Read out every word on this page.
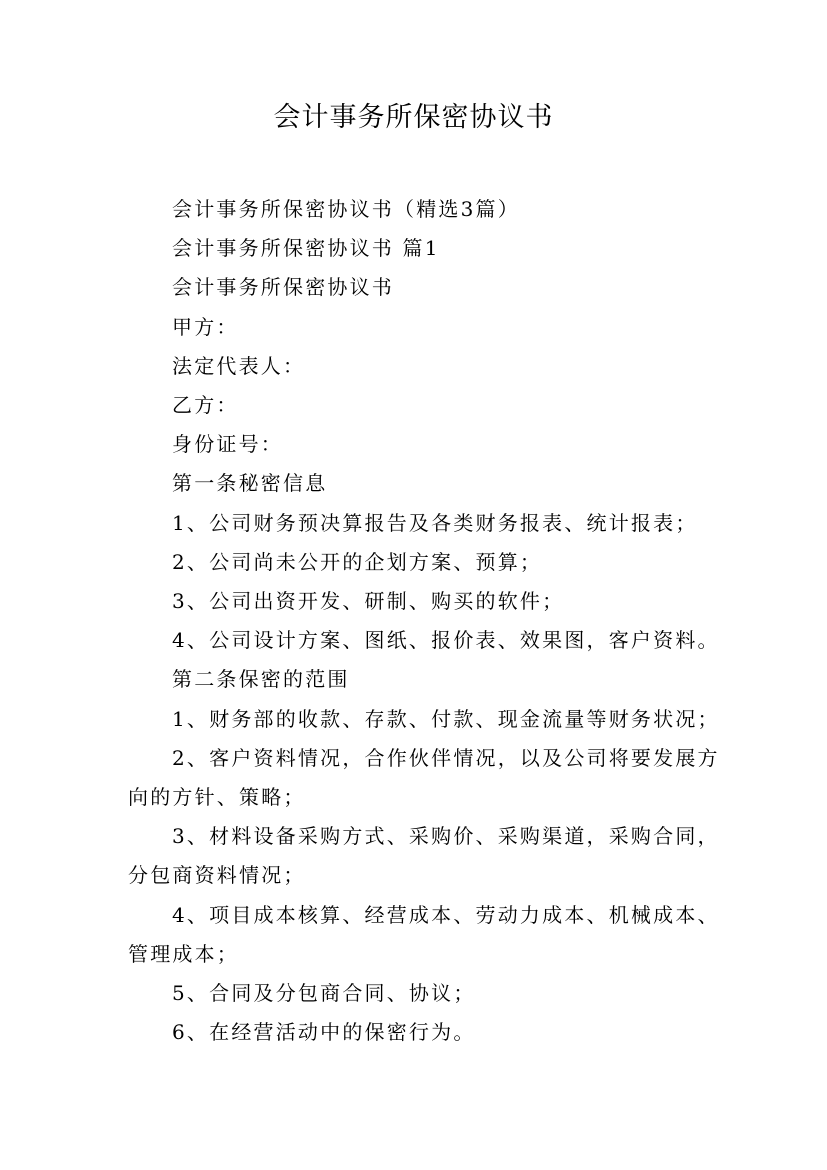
会计事务所保密协议书

会计事务所保密协议书（精选3篇）

会计事务所保密协议书 篇1

会计事务所保密协议书

甲方：

法定代表人：

乙方：

身份证号：

第一条秘密信息

1、公司财务预决算报告及各类财务报表、统计报表；

2、公司尚未公开的企划方案、预算；

3、公司出资开发、研制、购买的软件；

4、公司设计方案、图纸、报价表、效果图，客户资料。

第二条保密的范围

1、财务部的收款、存款、付款、现金流量等财务状况；

2、客户资料情况，合作伙伴情况，以及公司将要发展方向的方针、策略；

3、材料设备采购方式、采购价、采购渠道，采购合同，分包商资料情况；

4、项目成本核算、经营成本、劳动力成本、机械成本、管理成本；

5、合同及分包商合同、协议；

6、在经营活动中的保密行为。
